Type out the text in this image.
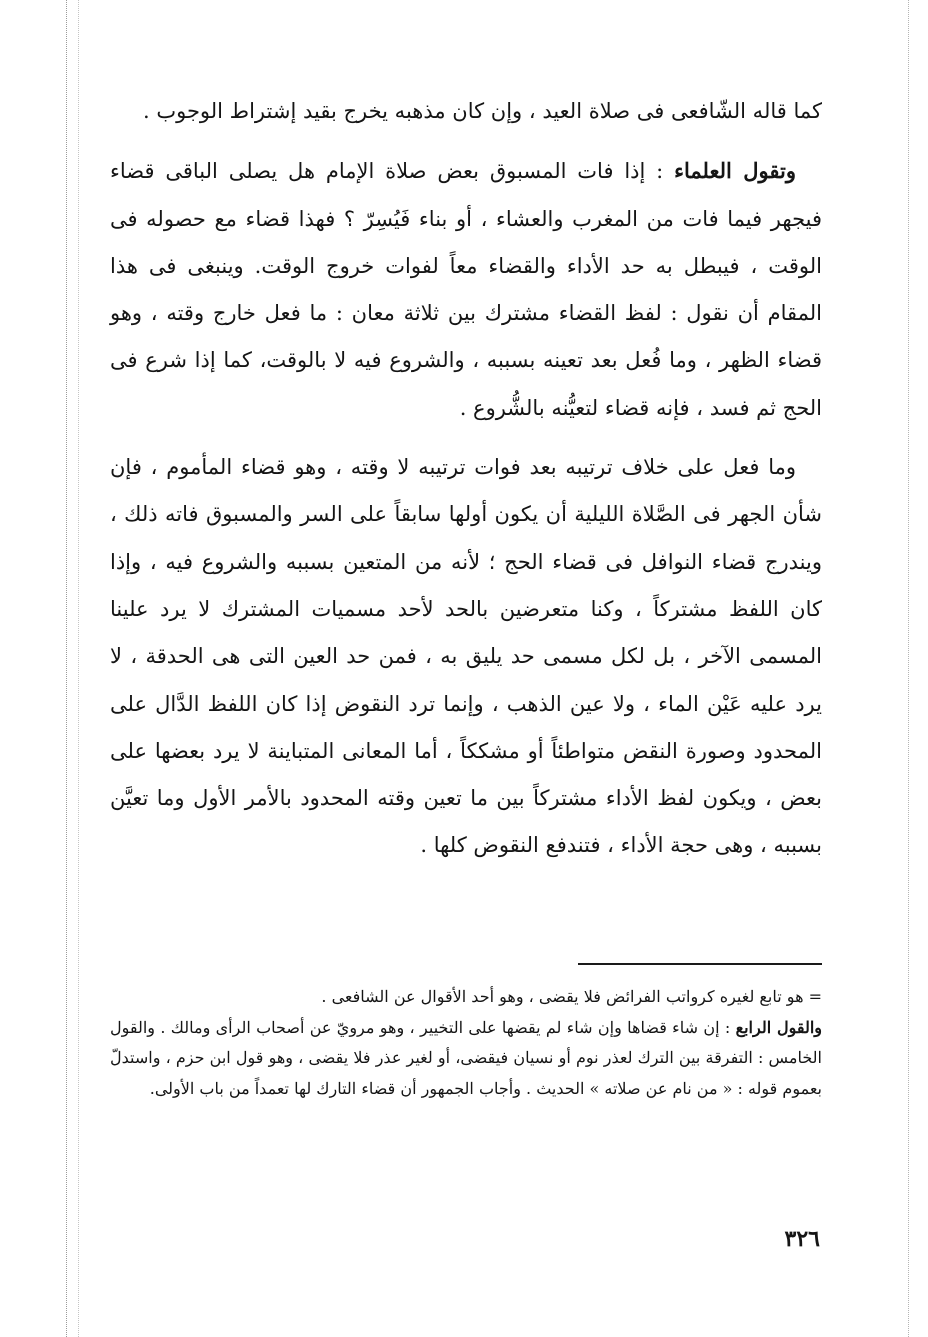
كما قاله الشّافعى فى صلاة العيد ، وإن كان مذهبه يخرج بقيد إشتراط الوجوب .

وتقول العلماء : إذا فات المسبوق بعض صلاة الإمام هل يصلى الباقى قضاء فيجهر فيما فات من المغرب والعشاء ، أو بناء فَيُسِرّ ؟ فهذا قضاء مع حصوله فى الوقت ، فيبطل به حد الأداء والقضاء معاً لفوات خروج الوقت. وينبغى فى هذا المقام أن نقول : لفظ القضاء مشترك بين ثلاثة معان : ما فعل خارج وقته ، وهو قضاء الظهر ، وما فُعل بعد تعينه بسببه ، والشروع فيه لا بالوقت، كما إذا شرع فى الحج ثم فسد ، فإنه قضاء لتعيُّنه بالشُّروع .

وما فعل على خلاف ترتيبه بعد فوات ترتيبه لا وقته ، وهو قضاء المأموم ، فإن شأن الجهر فى الصَّلاة الليلية أن يكون أولها سابقاً على السر والمسبوق فاته ذلك ، ويندرج قضاء النوافل فى قضاء الحج ؛ لأنه من المتعين بسببه والشروع فيه ، وإذا كان اللفظ مشتركاً ، وكنا متعرضين بالحد لأحد مسميات المشترك لا يرد علينا المسمى الآخر ، بل لكل مسمى حد يليق به ، فمن حد العين التى هى الحدقة ، لا يرد عليه عَيْن الماء ، ولا عين الذهب ، وإنما ترد النقوض إذا كان اللفظ الدَّال على المحدود وصورة النقض متواطئاً أو مشككاً ، أما المعانى المتباينة لا يرد بعضها على بعض ، ويكون لفظ الأداء مشتركاً بين ما تعين وقته المحدود بالأمر الأول وما تعيَّن بسببه ، وهى حجة الأداء ، فتندفع النقوض كلها .

= هو تابع لغيره كرواتب الفرائض فلا يقضى ، وهو أحد الأقوال عن الشافعى .

والقول الرابع : إن شاء قضاها وإن شاء لم يقضها على التخيير ، وهو مرويّ عن أصحاب الرأى ومالك . والقول الخامس : التفرقة بين الترك لعذر نوم أو نسيان فيقضى، أو لغير عذر فلا يقضى ، وهو قول ابن حزم ، واستدلّ بعموم قوله : « من نام عن صلاته » الحديث . وأجاب الجمهور أن قضاء التارك لها تعمداً من باب الأولى.

٣٢٦
